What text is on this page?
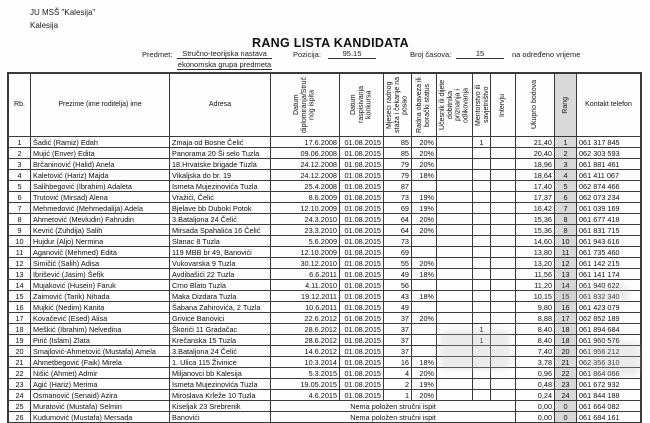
JU MSŠ "Kalesija"
Kalesija
RANG LISTA KANDIDATA
Predmet:	Stručno-teorijska nastava
ekonomska grupa predmeta
Pozicija:	95.15	Broj časova:	15	na određeno vrijeme
Rb.	Prezime (ime roditelja) ime	Adresa	Datum diplomiranja/Struč nog ispita	Datum raspisivanja konkursa	Mjeseci radnog staža i čekanje na posao	Radna obaveza ili borački status	Učesnik ili dijete dobitnika priznanja i odlikovanja	Mentorstvo ili savjetništvo	Intervju	Ukupno bodova	Rang	Kontakt telefon
1	Šadić (Ramiz) Edah	Zmaja od Bosne Čelić	17.6.2008	01.08.2015	85	20%		1		21,40	1	061 317 845
2	Mujić (Enver) Edita	Panorama 20 Ši selo Tuzla	09.06.2008	01.08.2015	85	20%				20,40	2	062 303 593
3	Brčaninović (Halid) Anela	18.Hrvatske brigade Tuzla	24.12.2008	01.08.2015	79	20%				18,96	3	061 881 461
4	Kaletović (Hariz) Majda	Vikaljska do br. 19	24.12.2008	01.08.2015	79	18%				18,64	4	061 411 067
5	Salihbegović (Ibrahim) Adaleta	Ismeta Mujezinovića Tuzla	25.4.2008	01.08.2015	87					17,40	5	062 874 466
6	Trutović (Mirsad) Alena	Vražići, Čelić	8.6.2009	01.08.2015	73	19%				17,37	6	062 073 234
7	Mehmedović (Mehmedalija) Adela	Bjelave bb Duboki Potok	12.10.2009	01.08.2015	69	19%				16,42	7	061 039 169
8	Ahmetović (Mevludin) Fahrudin	3.Bataljona 24 Čelić	24.3.2010	01.08.2015	64	20%				15,36	8	061 677 418
9	Kevrić (Zuhdija) Salih	Mirsada Spahalića 16 Čelić	23.3.2010	01.08.2015	64	20%				15,36	8	061 831 715
10	Hujdur (Aljo) Nermina	Slanac 8 Tuzla	5.6.2009	01.08.2015	73					14,60	10	061 943 616
11	Aganović (Mehmed) Edita	119 MBB br 49, Banovići	12.10.2009	01.08.2015	69					13,80	11	061 735 460
12	Simičić (Salih) Adisa	Vukovarska 9 Tuzla	30.12.2010	01.08.2015	55	20%				13,20	12	061 142 215
13	Ibrišević (Jasim) Šefik	Avdibašići 22 Tuzla	6.6.2011	01.08.2015	49	18%				11,56	13	061 141 174
14	Mujaković (Husein) Faruk	Crno Blato Tuzla	4.11.2010	01.08.2015	56					11,20	14	061 940 622
15	Zaimović (Tarik) Nihada	Maka Dizdara Tuzla	19.12.2011	01.08.2015	43	18%				10,15	15	061 832 340
16	Mujkić (Nedim) Kanita	Šabana Zahirovića, 2 Tuzla	10.6.2011	01.08.2015	49					9,80	16	061 423 079
17	Kovačević (Esed) Alisa	Grivice Banovici	22.6.2012	01.08.2015	37	20%				8,88	17	062 852 189
18	Meškić (Ibrahim) Nelvedina	Škorići 11 Gradačac	28.6.2012	01.08.2015	37			1		8,40	18	061 894 684
19	Pirić (Islam) Zlata	Krečanska 15 Tuzla	28.6.2012	01.08.2015	37			1		8,40	18	061 960 576
20	Smajlović-Ahmetović (Mustafa) Amela	3.Bataljona 24 Čelić	14.6.2012	01.08.2015	37					7,40	20	061 956 212
21	Ahmetbegović (Faik) Mirela	1. Ulica 115 Živinice	10.3.2014	01.08.2015	16	18%				3,78	21	062 356 310
22	Nišić (Ahmet) Admir	Miljanovci bb Kalesija	5.3.2015	01.08.2015	4	20%				0,96	22	061 864 066
23	Agić (Hariz) Merima	Ismeta Mujezinovića Tuzla	19.05.2015	01.08.2015	2	19%				0,48	23	061 672 932
24	Osmanović (Senaid) Azira	Miroslava Krleže 10 Tuzla	4.6.2015	01.08.2015	1	20%				0,24	24	061 844 188
25	Muratović (Mustafa) Selmin	Kiseljak 23 Srebrenik	Nema položen stručni ispit							0,00	0	061 664 082
26	Kudumović (Mustafa) Mersada	Banovići	Nema položen stručni ispit							0,00	0	061 684 161
